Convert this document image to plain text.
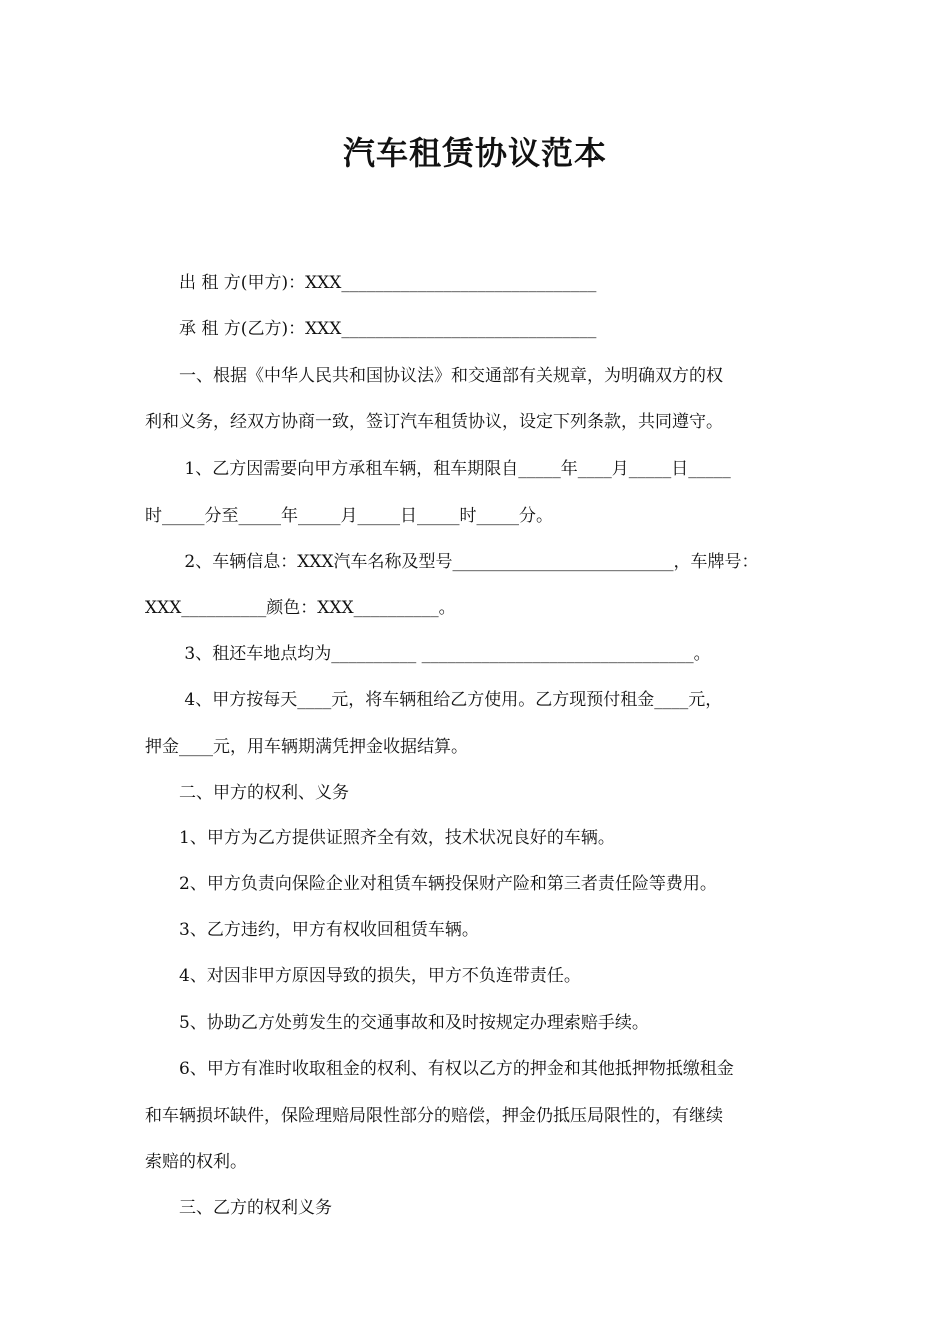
汽车租赁协议范本

　　出 租 方(甲方)：XXX______________________________

　　承 租 方(乙方)：XXX______________________________

　　一、根据《中华人民共和国协议法》和交通部有关规章，为明确双方的权

利和义务，经双方协商一致，签订汽车租赁协议，设定下列条款，共同遵守。

　　 1、乙方因需要向甲方承租车辆，租车期限自_____年____月_____日_____

时_____分至_____年_____月_____日_____时_____分。

　　 2、车辆信息：XXX汽车名称及型号__________________________，车牌号：

XXX__________颜色：XXX__________。

　　 3、租还车地点均为__________ ________________________________。

　　 4、甲方按每天____元，将车辆租给乙方使用。乙方现预付租金____元，

押金____元，用车辆期满凭押金收据结算。

　　二、甲方的权利、义务

　　1、甲方为乙方提供证照齐全有效，技术状况良好的车辆。

　　2、甲方负责向保险企业对租赁车辆投保财产险和第三者责任险等费用。

　　3、乙方违约，甲方有权收回租赁车辆。

　　4、对因非甲方原因导致的损失，甲方不负连带责任。

　　5、协助乙方处剪发生的交通事故和及时按规定办理索赔手续。

　　6、甲方有准时收取租金的权利、有权以乙方的押金和其他抵押物抵缴租金

和车辆损坏缺件，保险理赔局限性部分的赔偿，押金仍抵压局限性的，有继续

索赔的权利。

　　三、乙方的权利义务
